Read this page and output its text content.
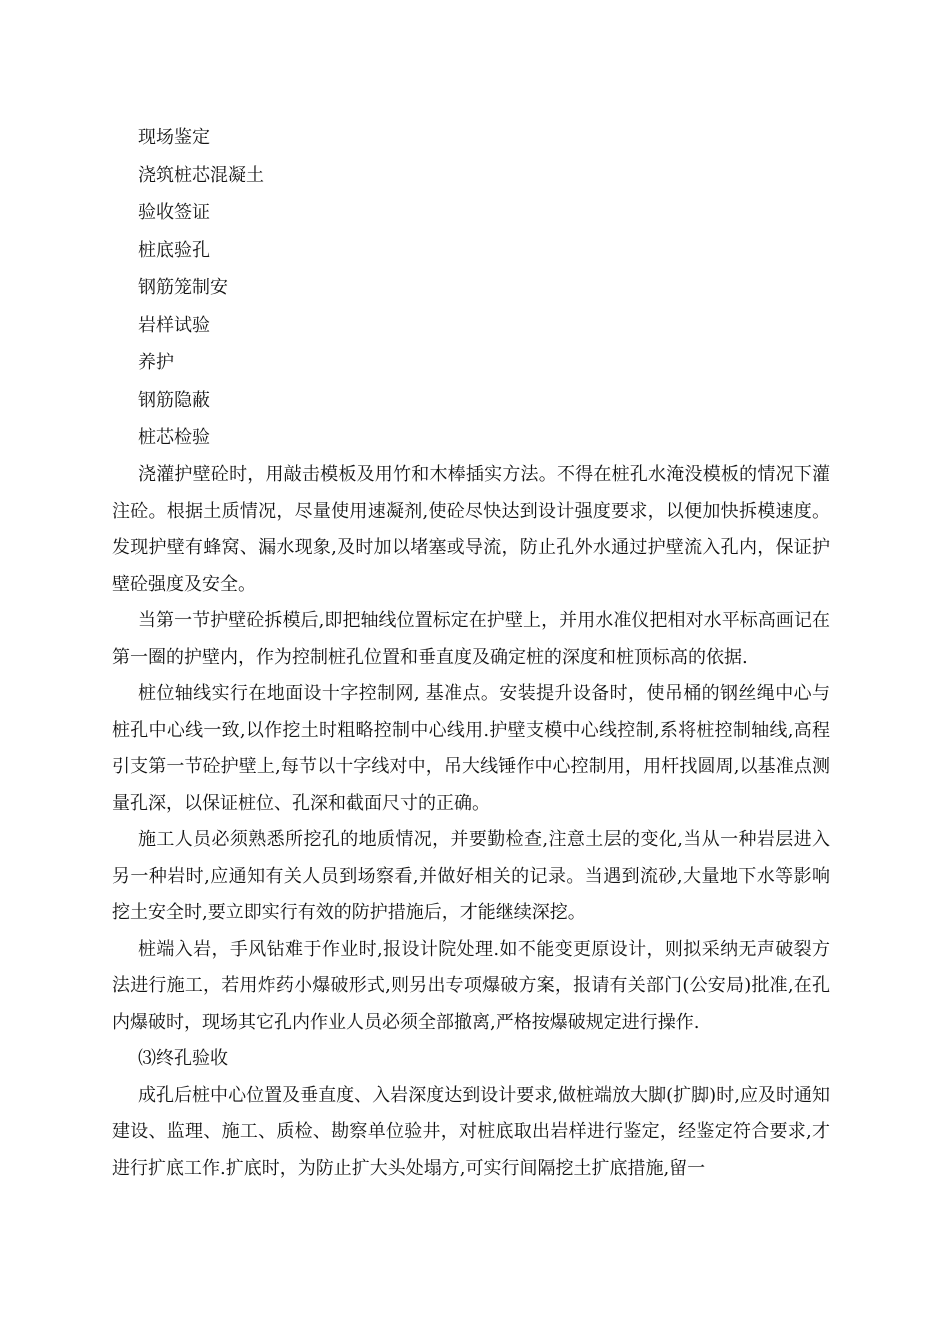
现场鉴定
浇筑桩芯混凝土
验收签证
桩底验孔
钢筋笼制安
岩样试验
养护
钢筋隐蔽
桩芯检验

浇灌护壁砼时，用敲击模板及用竹和木棒插实方法。不得在桩孔水淹没模板的情况下灌注砼。根据土质情况，尽量使用速凝剂,使砼尽快达到设计强度要求，以便加快拆模速度。发现护壁有蜂窝、漏水现象,及时加以堵塞或导流，防止孔外水通过护壁流入孔内，保证护壁砼强度及安全。

当第一节护壁砼拆模后,即把轴线位置标定在护壁上，并用水准仪把相对水平标高画记在第一圈的护壁内，作为控制桩孔位置和垂直度及确定桩的深度和桩顶标高的依据.

桩位轴线实行在地面设十字控制网, 基准点。安装提升设备时，使吊桶的钢丝绳中心与桩孔中心线一致,以作挖土时粗略控制中心线用.护壁支模中心线控制,系将桩控制轴线,高程引支第一节砼护壁上,每节以十字线对中，吊大线锤作中心控制用，用杆找圆周,以基准点测量孔深，以保证桩位、孔深和截面尺寸的正确。

施工人员必须熟悉所挖孔的地质情况，并要勤检查,注意土层的变化,当从一种岩层进入另一种岩时,应通知有关人员到场察看,并做好相关的记录。当遇到流砂,大量地下水等影响挖土安全时,要立即实行有效的防护措施后，才能继续深挖。

桩端入岩，手风钻难于作业时,报设计院处理.如不能变更原设计，则拟采纳无声破裂方法进行施工，若用炸药小爆破形式,则另出专项爆破方案，报请有关部门(公安局)批准,在孔内爆破时，现场其它孔内作业人员必须全部撤离,严格按爆破规定进行操作.

⑶终孔验收

成孔后桩中心位置及垂直度、入岩深度达到设计要求,做桩端放大脚(扩脚)时,应及时通知建设、监理、施工、质检、勘察单位验井，对桩底取出岩样进行鉴定，经鉴定符合要求,才进行扩底工作.扩底时，为防止扩大头处塌方,可实行间隔挖土扩底措施,留一
